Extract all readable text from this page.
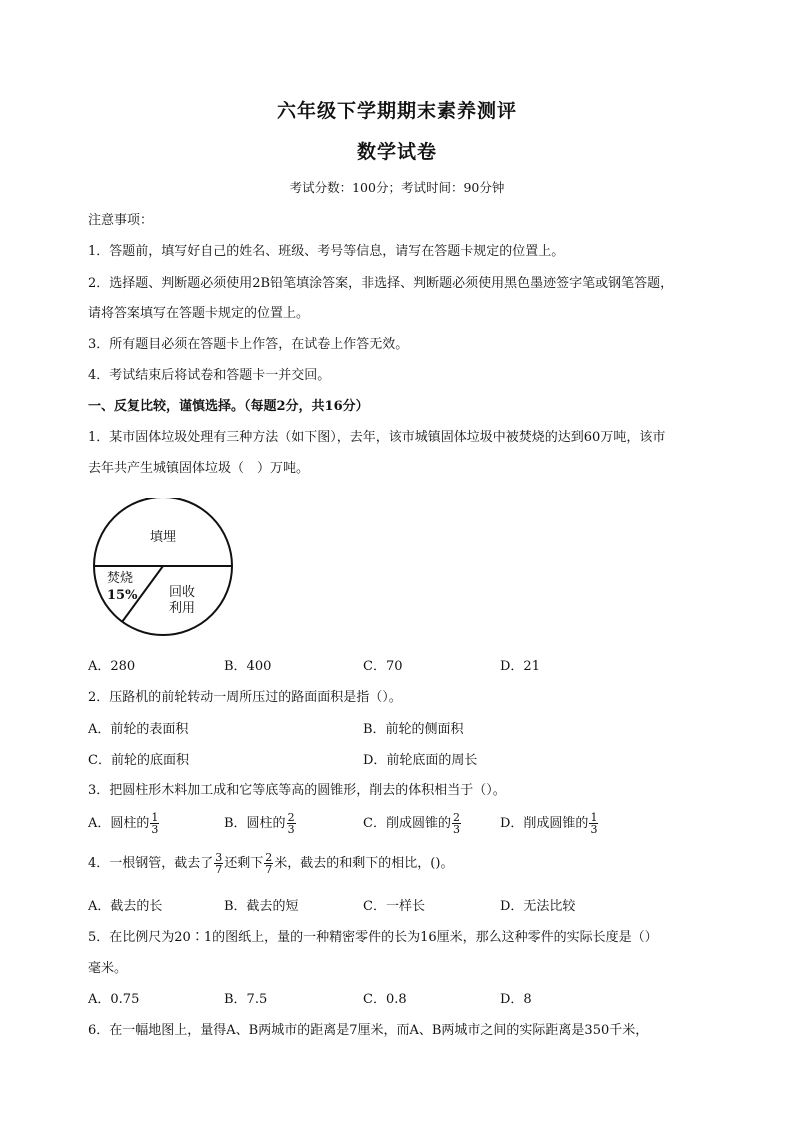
六年级下学期期末素养测评
数学试卷
考试分数：100分；考试时间：90分钟
注意事项：
1．答题前，填写好自己的姓名、班级、考号等信息，请写在答题卡规定的位置上。
2．选择题、判断题必须使用2B铅笔填涂答案，非选择、判断题必须使用黑色墨迹签字笔或钢笔答题，
请将答案填写在答题卡规定的位置上。
3．所有题目必须在答题卡上作答，在试卷上作答无效。
4．考试结束后将试卷和答题卡一并交回。
一、反复比较，谨慎选择。（每题2分，共16分）
1．某市固体垃圾处理有三种方法（如下图），去年，该市城镇固体垃圾中被焚烧的达到60万吨，该市
去年共产生城镇固体垃圾（　）万吨。
填埋
焚烧
15% 回收
利用
A．280	B．400	C．70	D．21
2．压路机的前轮转动一周所压过的路面面积是指（）。
A．前轮的表面积	B．前轮的侧面积
C．前轮的底面积	D．前轮底面的周长
3．把圆柱形木料加工成和它等底等高的圆锥形，削去的体积相当于（）。
A．圆柱的 $\frac{1}{3}$	B．圆柱的 $\frac{2}{3}$	C．削成圆锥的 $\frac{2}{3}$	D．削成圆锥的 $\frac{1}{3}$
4．一根钢管，截去了 $\frac{3}{7}$ 还剩下 $\frac{2}{7}$ 米，截去的和剩下的相比，()。
A．截去的长	B．截去的短	C．一样长	D．无法比较
5．在比例尺为20∶1的图纸上，量的一种精密零件的长为16厘米，那么这种零件的实际长度是（）
毫米。
A．0.75	B．7.5	C．0.8	D．8
6．在一幅地图上，量得A、B两城市的距离是7厘米，而A、B两城市之间的实际距离是350千米，
